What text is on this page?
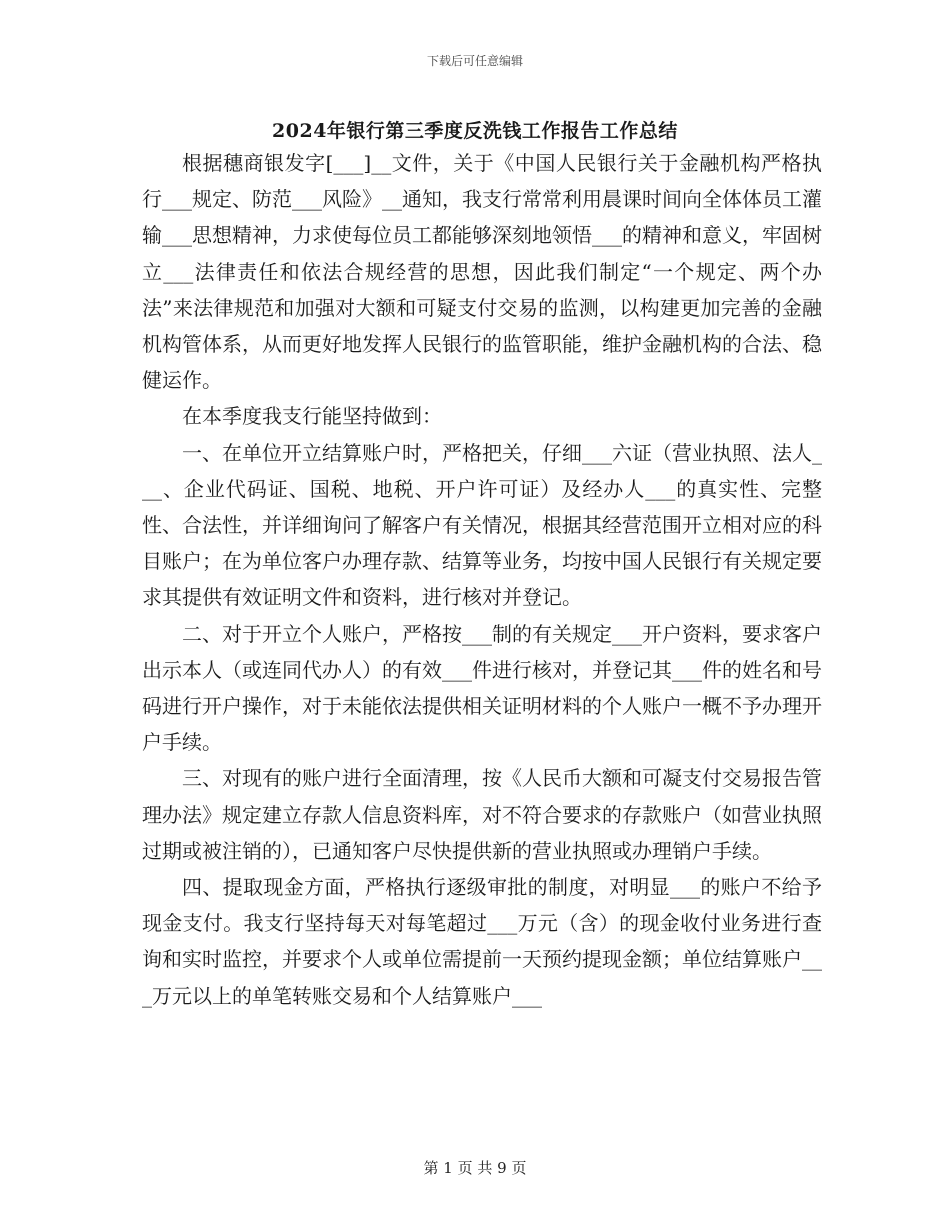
下载后可任意编辑
2024年银行第三季度反洗钱工作报告工作总结

根据穗商银发字[___]__文件，关于《中国人民银行关于金融机构严格执行___规定、防范___风险》__通知，我支行常常利用晨课时间向全体体员工灌输___思想精神，力求使每位员工都能够深刻地领悟___的精神和意义，牢固树立___法律责任和依法合规经营的思想，因此我们制定“一个规定、两个办法”来法律规范和加强对大额和可疑支付交易的监测，以构建更加完善的金融机构管体系，从而更好地发挥人民银行的监管职能，维护金融机构的合法、稳健运作。

在本季度我支行能坚持做到：

一、在单位开立结算账户时，严格把关，仔细___六证（营业执照、法人___、企业代码证、国税、地税、开户许可证）及经办人___的真实性、完整性、合法性，并详细询问了解客户有关情况，根据其经营范围开立相对应的科目账户；在为单位客户办理存款、结算等业务，均按中国人民银行有关规定要求其提供有效证明文件和资料，进行核对并登记。

二、对于开立个人账户，严格按___制的有关规定___开户资料，要求客户出示本人（或连同代办人）的有效___件进行核对，并登记其___件的姓名和号码进行开户操作，对于未能依法提供相关证明材料的个人账户一概不予办理开户手续。

三、对现有的账户进行全面清理，按《人民币大额和可凝支付交易报告管理办法》规定建立存款人信息资料库，对不符合要求的存款账户（如营业执照过期或被注销的），已通知客户尽快提供新的营业执照或办理销户手续。

四、提取现金方面，严格执行逐级审批的制度，对明显___的账户不给予现金支付。我支行坚持每天对每笔超过___万元（含）的现金收付业务进行查询和实时监控，并要求个人或单位需提前一天预约提现金额；单位结算账户___万元以上的单笔转账交易和个人结算账户___

第 1 页 共 9 页
